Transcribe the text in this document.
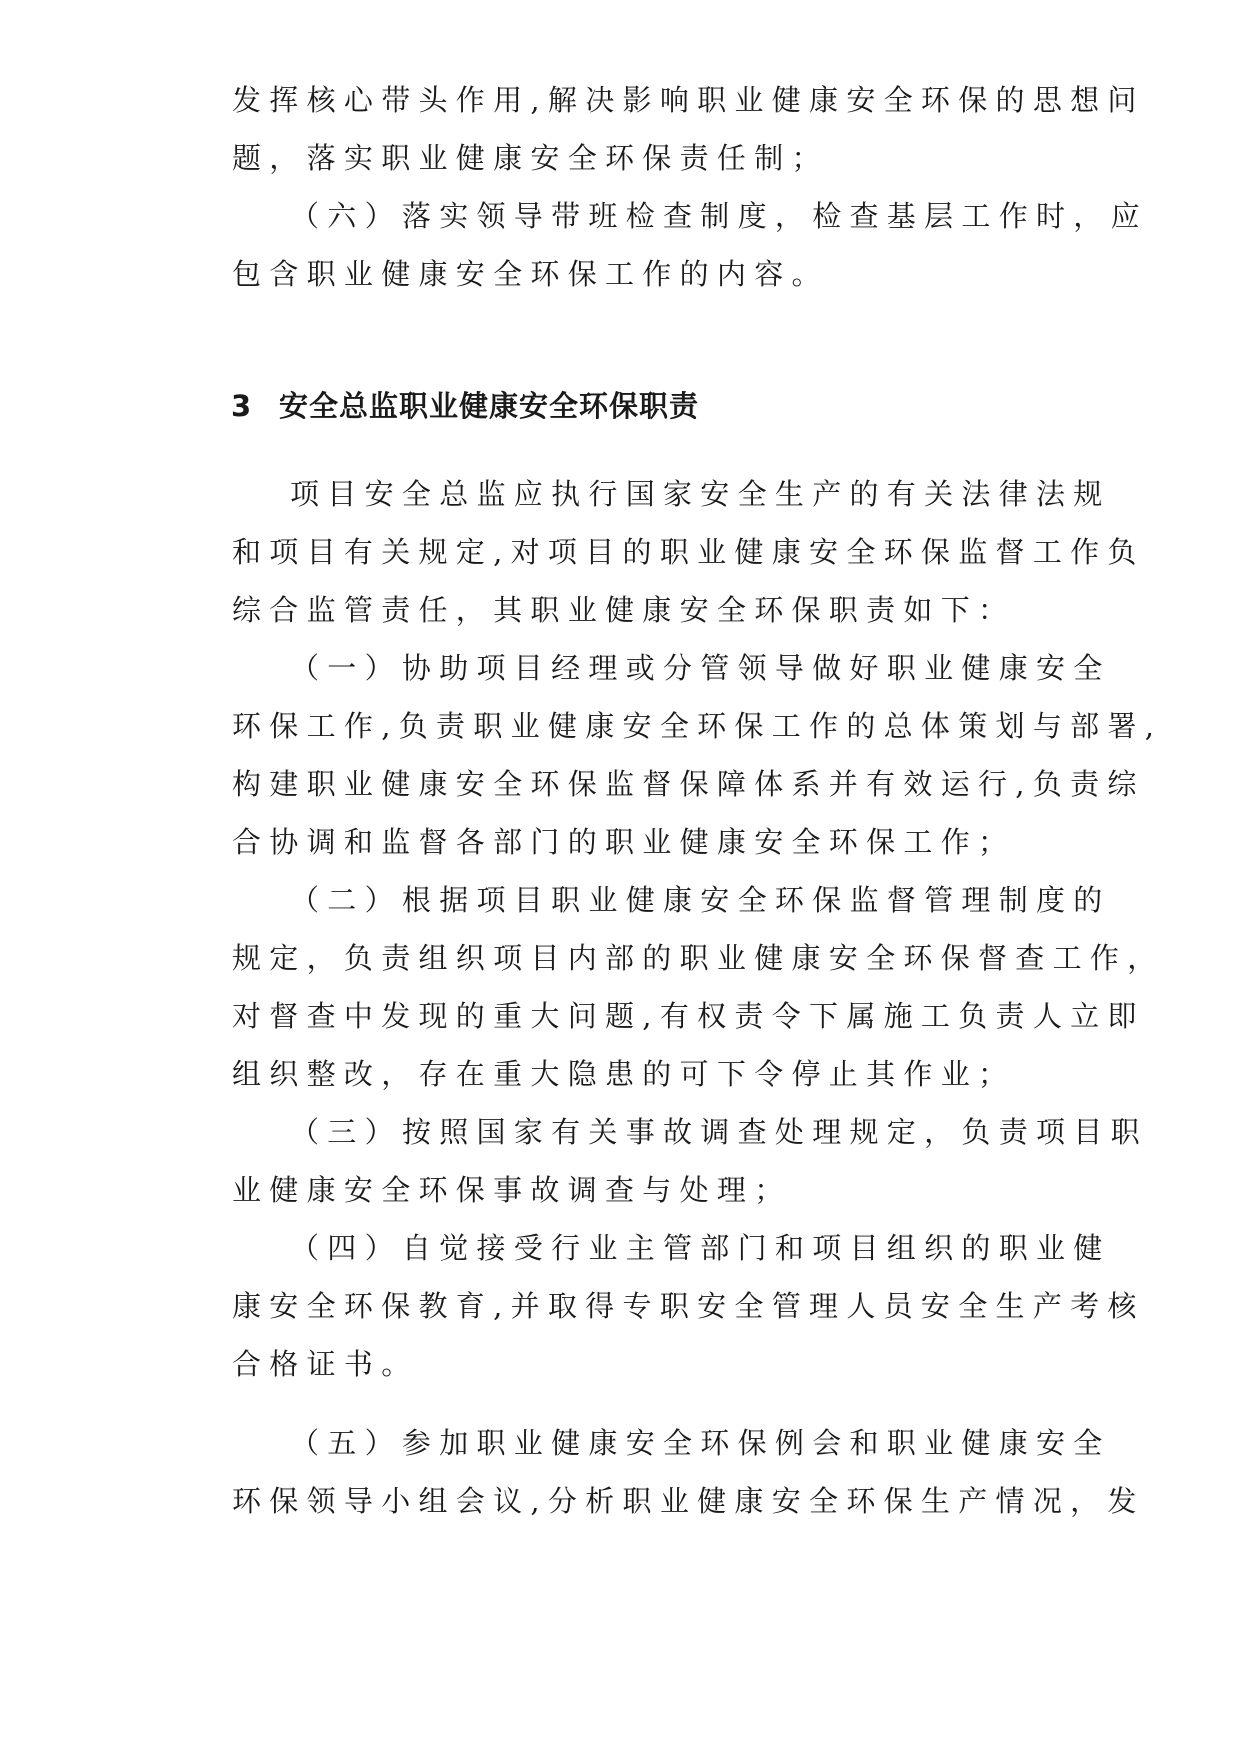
发挥核心带头作用,解决影响职业健康安全环保的思想问
题，落实职业健康安全环保责任制；
（六）落实领导带班检查制度，检查基层工作时，应
包含职业健康安全环保工作的内容。
3 安全总监职业健康安全环保职责
项目安全总监应执行国家安全生产的有关法律法规
和项目有关规定,对项目的职业健康安全环保监督工作负
综合监管责任，其职业健康安全环保职责如下：
（一）协助项目经理或分管领导做好职业健康安全
环保工作,负责职业健康安全环保工作的总体策划与部署,
构建职业健康安全环保监督保障体系并有效运行,负责综
合协调和监督各部门的职业健康安全环保工作；
（二）根据项目职业健康安全环保监督管理制度的
规定，负责组织项目内部的职业健康安全环保督查工作，
对督查中发现的重大问题,有权责令下属施工负责人立即
组织整改，存在重大隐患的可下令停止其作业；
（三）按照国家有关事故调查处理规定，负责项目职
业健康安全环保事故调查与处理；
（四）自觉接受行业主管部门和项目组织的职业健
康安全环保教育,并取得专职安全管理人员安全生产考核
合格证书。
（五）参加职业健康安全环保例会和职业健康安全
环保领导小组会议,分析职业健康安全环保生产情况，发
